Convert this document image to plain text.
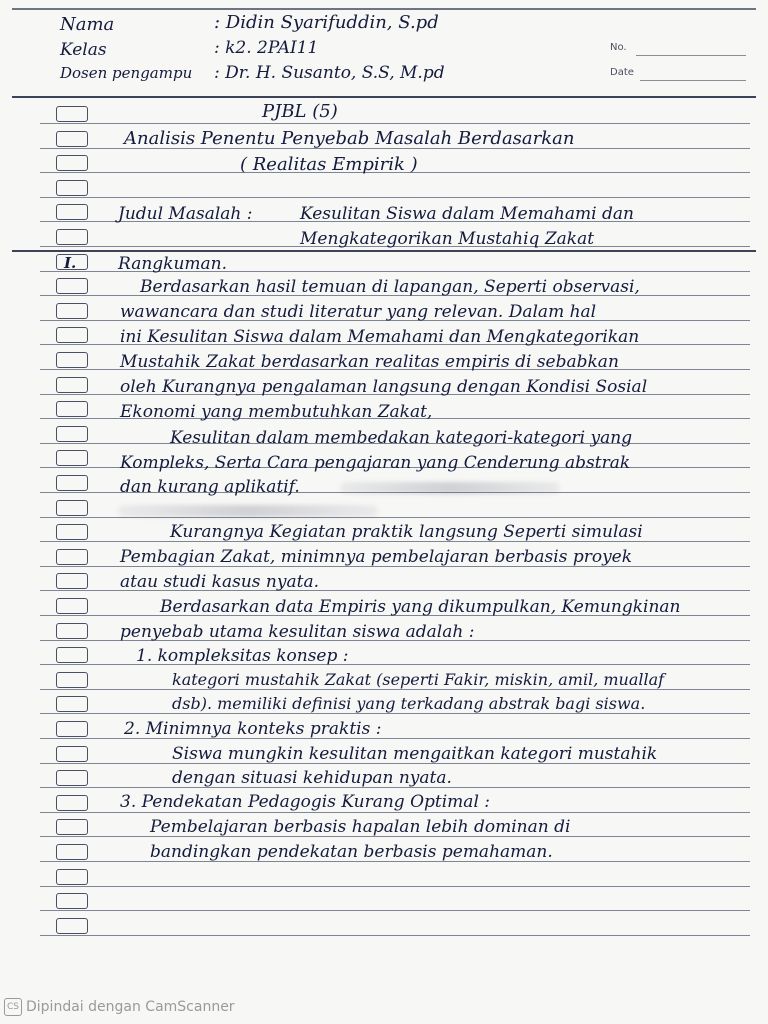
Nama	: Didin Syarifuddin, S.pd
Kelas	: k2. 2PAI11
Dosen pengampu : Dr. H. Susanto, S.S, M.pd
No.
Date
PJBL (5)
Analisis Penentu Penyebab Masalah Berdasarkan
( Realitas Empirik )
Judul Masalah :	Kesulitan Siswa dalam Memahami dan
Mengkategorikan Mustahiq Zakat
I. Rangkuman.
Berdasarkan hasil temuan di lapangan, Seperti observasi,
wawancara dan studi literatur yang relevan. Dalam hal
ini Kesulitan Siswa dalam Memahami dan Mengkategorikan
Mustahik Zakat berdasarkan realitas empiris di sebabkan
oleh Kurangnya pengalaman langsung dengan Kondisi Sosial
Ekonomi yang membutuhkan Zakat,
Kesulitan dalam membedakan kategori-kategori yang
Kompleks, Serta Cara pengajaran yang Cenderung abstrak
dan kurang aplikatif.
Kurangnya Kegiatan praktik langsung Seperti simulasi
Pembagian Zakat, minimnya pembelajaran berbasis proyek
atau studi kasus nyata.
Berdasarkan data Empiris yang dikumpulkan, Kemungkinan
penyebab utama kesulitan siswa adalah :
1. kompleksitas konsep :
kategori mustahik Zakat (seperti Fakir, miskin, amil, muallaf
dsb). memiliki definisi yang terkadang abstrak bagi siswa.
2. Minimnya konteks praktis :
Siswa mungkin kesulitan mengaitkan kategori mustahik
dengan situasi kehidupan nyata.
3. Pendekatan Pedagogis Kurang Optimal :
Pembelajaran berbasis hapalan lebih dominan di
bandingkan pendekatan berbasis pemahaman.
CS Dipindai dengan CamScanner
